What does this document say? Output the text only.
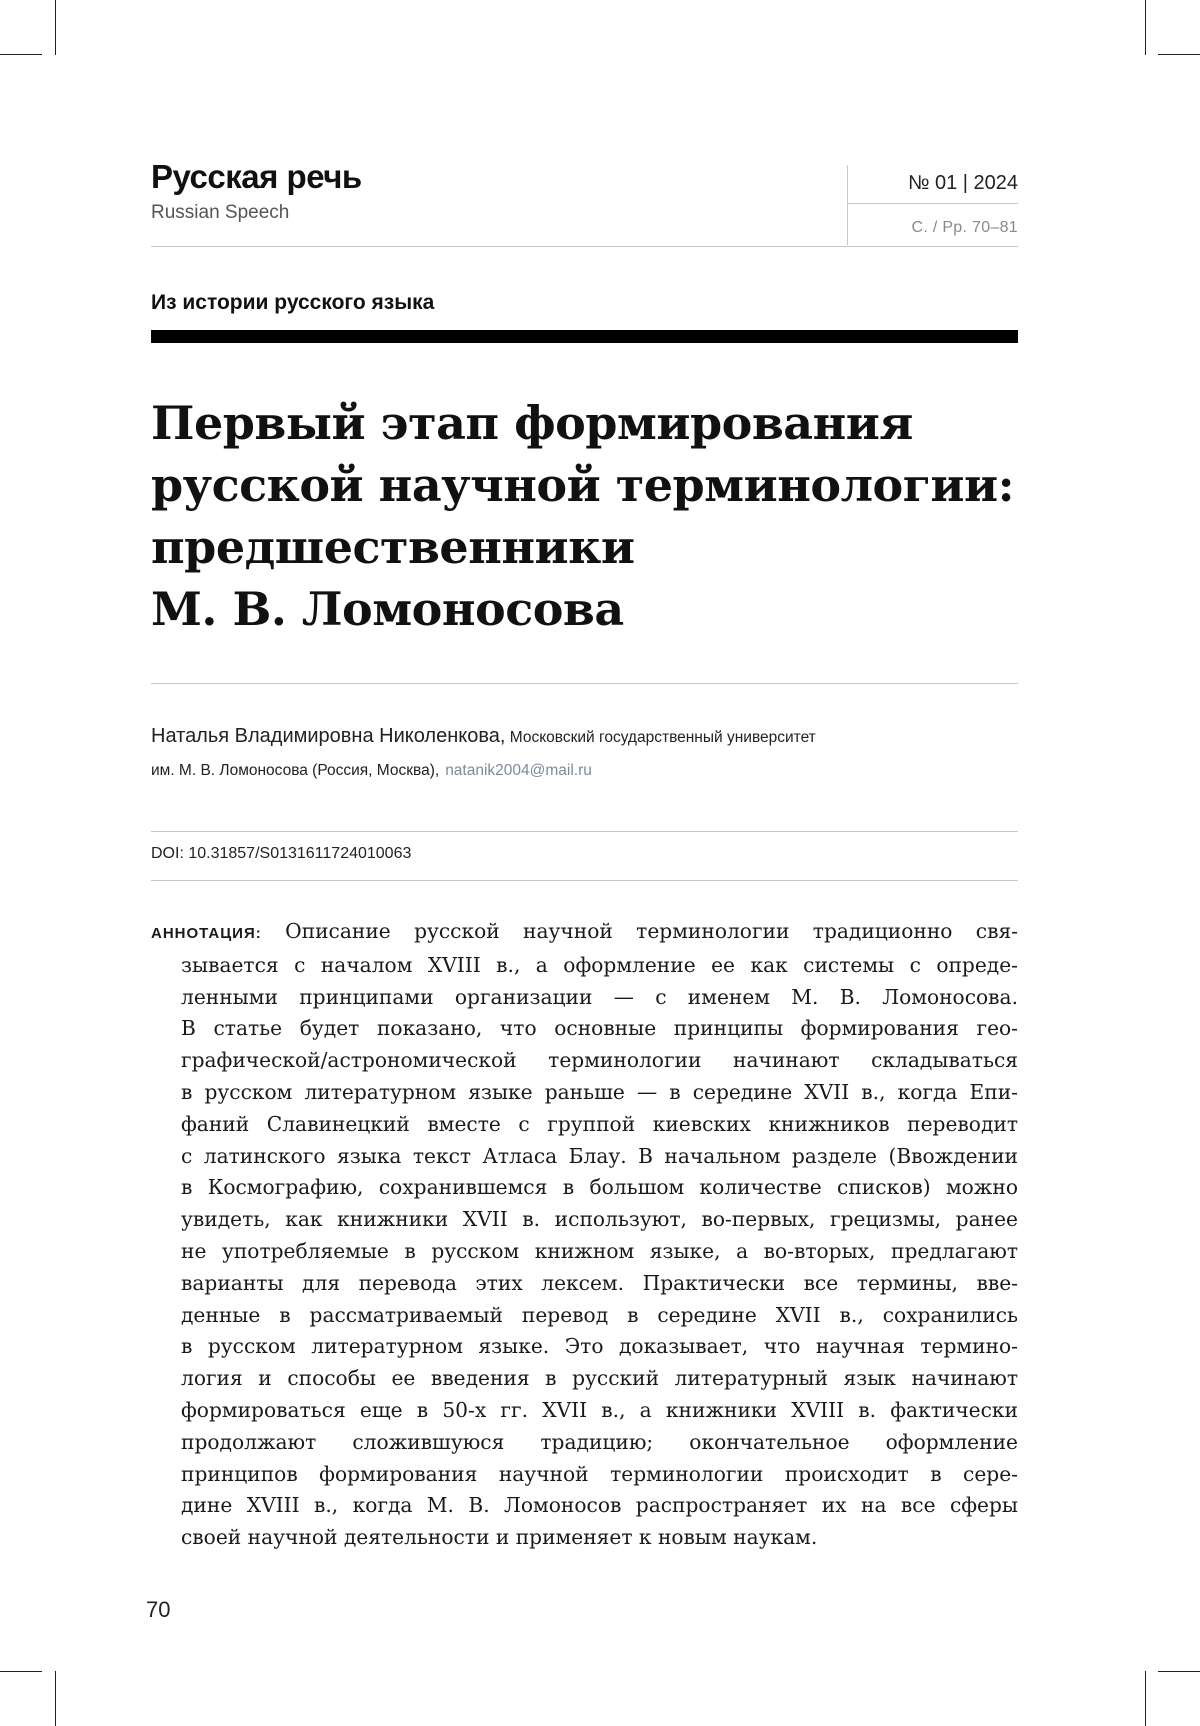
Русская речь
Russian Speech
№ 01 | 2024
С. / Pp. 70–81
Из истории русского языка
Первый этап формирования
русской научной терминологии:
предшественники
М. В. Ломоносова
Наталья Владимировна Николенкова, Московский государственный университет
им. М. В. Ломоносова (Россия, Москва), natanik2004@mail.ru
DOI: 10.31857/S0131611724010063
АННОТАЦИЯ: Описание русской научной терминологии традиционно свя-
зывается с началом XVIII в., а оформление ее как системы с опреде-
ленными принципами организации — с именем М. В. Ломоносова.
В статье будет показано, что основные принципы формирования гео-
графической/астрономической терминологии начинают складываться
в русском литературном языке раньше — в середине XVII в., когда Епи-
фаний Славинецкий вместе с группой киевских книжников переводит
с латинского языка текст Атласа Блау. В начальном разделе (Ввождении
в Космографию, сохранившемся в большом количестве списков) можно
увидеть, как книжники XVII в. используют, во-первых, грецизмы, ранее
не употребляемые в русском книжном языке, а во-вторых, предлагают
варианты для перевода этих лексем. Практически все термины, вве-
денные в рассматриваемый перевод в середине XVII в., сохранились
в русском литературном языке. Это доказывает, что научная термино-
логия и способы ее введения в русский литературный язык начинают
формироваться еще в 50-х гг. XVII в., а книжники XVIII в. фактически
продолжают сложившуюся традицию; окончательное оформление
принципов формирования научной терминологии происходит в сере-
дине XVIII в., когда М. В. Ломоносов распространяет их на все сферы
своей научной деятельности и применяет к новым наукам.
70
